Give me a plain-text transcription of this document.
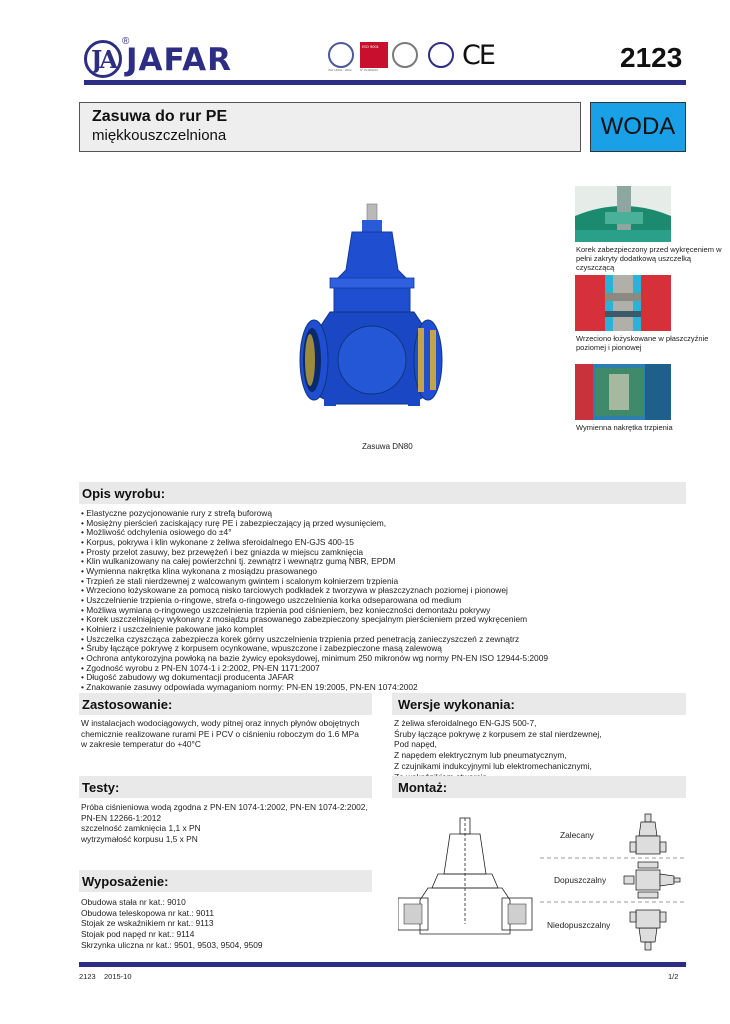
JA
®
JAFAR	ISO 14001 : 2004
ISO 9001
Nº PL006223	CE	2123
Zasuwa do rur PE
miękkouszczelniona	WODA
Zasuwa DN80
Korek zabezpieczony przed wykręceniem w pełni zakryty dodatkową uszczelką czyszczącą
Wrzeciono łożyskowane w płaszczyźnie poziomej i pionowej
Wymienna nakrętka trzpienia
Opis wyrobu:
• Elastyczne pozycjonowanie rury z strefą buforową
• Mosiężny pierścień zaciskający rurę PE i zabezpieczający ją przed wysunięciem,
• Możliwość odchylenia osiowego do ±4°
• Korpus, pokrywa i klin wykonane z żeliwa sferoidalnego EN-GJS 400-15
• Prosty przelot zasuwy, bez przewężeń i bez gniazda w miejscu zamknięcia
• Klin wulkanizowany na całej powierzchni tj. zewnątrz i wewnątrz gumą NBR, EPDM
• Wymienna nakrętka klina wykonana z mosiądzu prasowanego
• Trzpień ze stali nierdzewnej z walcowanym gwintem i scalonym kołnierzem trzpienia
• Wrzeciono łożyskowane za pomocą nisko tarciowych podkładek z tworzywa w płaszczyznach poziomej i pionowej
• Uszczelnienie trzpienia o-ringowe, strefa o-ringowego uszczelnienia korka odseparowana od medium
• Możliwa wymiana o-ringowego uszczelnienia trzpienia pod ciśnieniem, bez konieczności demontażu pokrywy
• Korek uszczelniający wykonany z mosiądzu prasowanego zabezpieczony specjalnym pierścieniem przed wykręceniem
• Kołnierz i uszczelnienie pakowane jako komplet
• Uszczelka czyszcząca zabezpiecza korek górny uszczelnienia trzpienia przed penetracją zanieczyszczeń z zewnątrz
• Śruby łączące pokrywę z korpusem ocynkowane, wpuszczone i zabezpieczone masą zalewową
• Ochrona antykorozyjna powłoką na bazie żywicy epoksydowej, minimum 250 mikronów wg normy PN-EN ISO 12944-5:2009
• Zgodność wyrobu z PN-EN 1074-1 i 2:2002, PN-EN 1171:2007
• Długość zabudowy wg dokumentacji producenta JAFAR
• Znakowanie zasuwy odpowiada wymaganiom normy: PN-EN 19:2005, PN-EN 1074:2002
Zastosowanie:
W instalacjach wodociągowych, wody pitnej oraz innych płynów obojętnych
chemicznie realizowane rurami PE i PCV o ciśnieniu roboczym do 1.6 MPa
w zakresie temperatur do +40°C
Wersje wykonania:
Z żeliwa sferoidalnego EN-GJS 500-7,
Śruby łączące pokrywę z korpusem ze stal nierdzewnej,
Pod napęd,
Z napędem elektrycznym lub pneumatycznym,
Z czujnikami indukcyjnymi lub elektromechanicznymi,

Testy:
Próba ciśnieniowa wodą zgodna z PN-EN 1074-1:2002, PN-EN 1074-2:2002,
PN-EN 12266-1:2012
szczelność zamknięcia 1,1 x PN
wytrzymałość korpusu 1,5 x PN
Montaż:
Zalecany
Dopuszczalny
Niedopuszczalny
Wyposażenie:
Obudowa stała nr kat.: 9010
Obudowa teleskopowa nr kat.: 9011
Stojak ze wskaźnikiem nr kat.: 9113
Stojak pod napęd nr kat.: 9114
Skrzynka uliczna nr kat.: 9501, 9503, 9504, 9509
2123 2015-10	1/2
